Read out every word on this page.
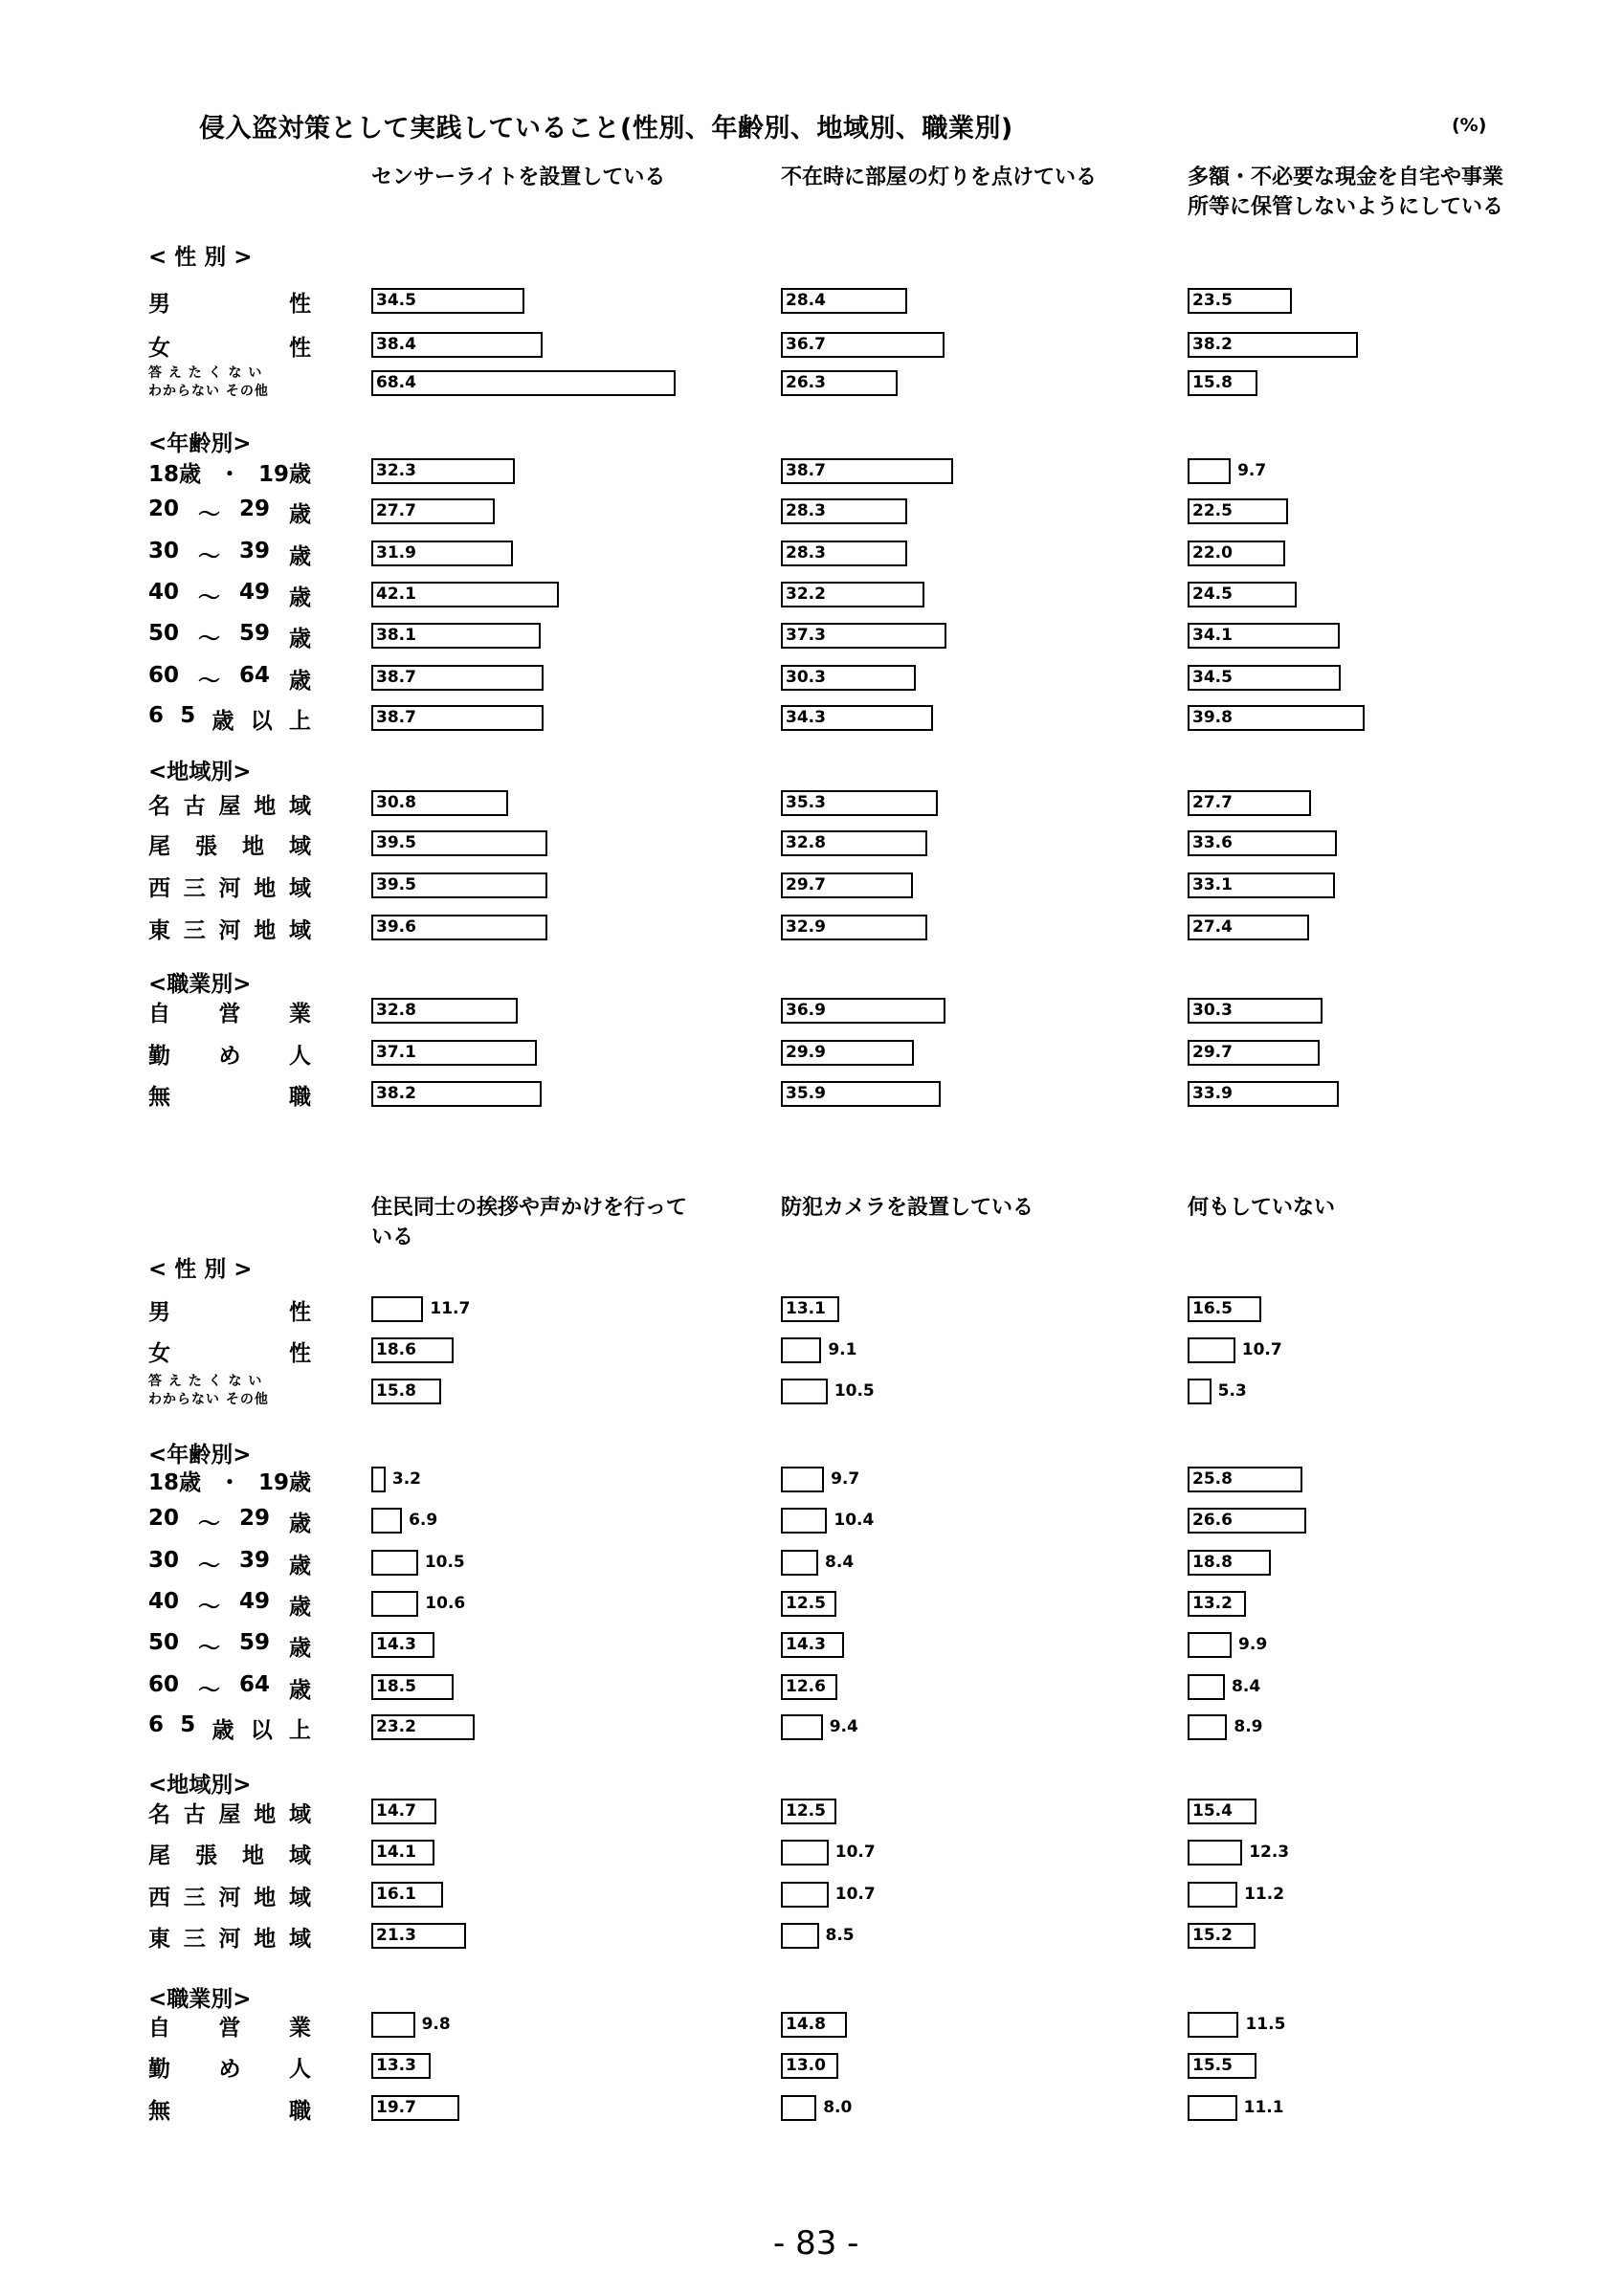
侵入盗対策として実践していること(性別、年齢別、地域別、職業別)	(%)
センサーライトを設置している	不在時に部屋の灯りを点けている	多額・不必要な現金を自宅や事業所等に保管しないようにしている
< 性 別 >
男	性	34.5	28.4	23.5
女	性	38.4	36.7	38.2
答 え た く な い
わからない その他	68.4	26.3	15.8
<年齢別>
18歳 ・ 19歳	32.3	38.7	9.7
20 ～ 29 歳	27.7	28.3	22.5
30 ～ 39 歳	31.9	28.3	22.0
40 ～ 49 歳	42.1	32.2	24.5
50 ～ 59 歳	38.1	37.3	34.1
60 ～ 64 歳	38.7	30.3	34.5
6 5 歳 以 上	38.7	34.3	39.8
<地域別>
名 古 屋 地 域	30.8	35.3	27.7
尾 張 地 域	39.5	32.8	33.6
西 三 河 地 域	39.5	29.7	33.1
東 三 河 地 域	39.6	32.9	27.4
<職業別>
自 営 業	32.8	36.9	30.3
勤 め 人	37.1	29.9	29.7
無	職	38.2	35.9	33.9
住民同士の挨拶や声かけを行っている
防犯カメラを設置している	何もしていない
< 性 別 >
男	性	11.7	13.1	16.5
女	性	18.6	9.1	10.7
答 え た く な い
わからない その他	15.8	10.5	5.3
<年齢別>
18歳 ・ 19歳	3.2	9.7	25.8
20 ～ 29 歳	6.9	10.4	26.6
30 ～ 39 歳	10.5	8.4	18.8
40 ～ 49 歳	10.6	12.5	13.2
50 ～ 59 歳	14.3	14.3	9.9
60 ～ 64 歳	18.5	12.6	8.4
6 5 歳 以 上	23.2	9.4	8.9
<地域別>
名 古 屋 地 域	14.7	12.5	15.4
尾 張 地 域	14.1	10.7	12.3
西 三 河 地 域	16.1	10.7	11.2
東 三 河 地 域	21.3	8.5	15.2
<職業別>
自 営 業	9.8	14.8	11.5
勤 め 人	13.3	13.0	15.5
無	職	19.7	8.0	11.1
- 83 -
